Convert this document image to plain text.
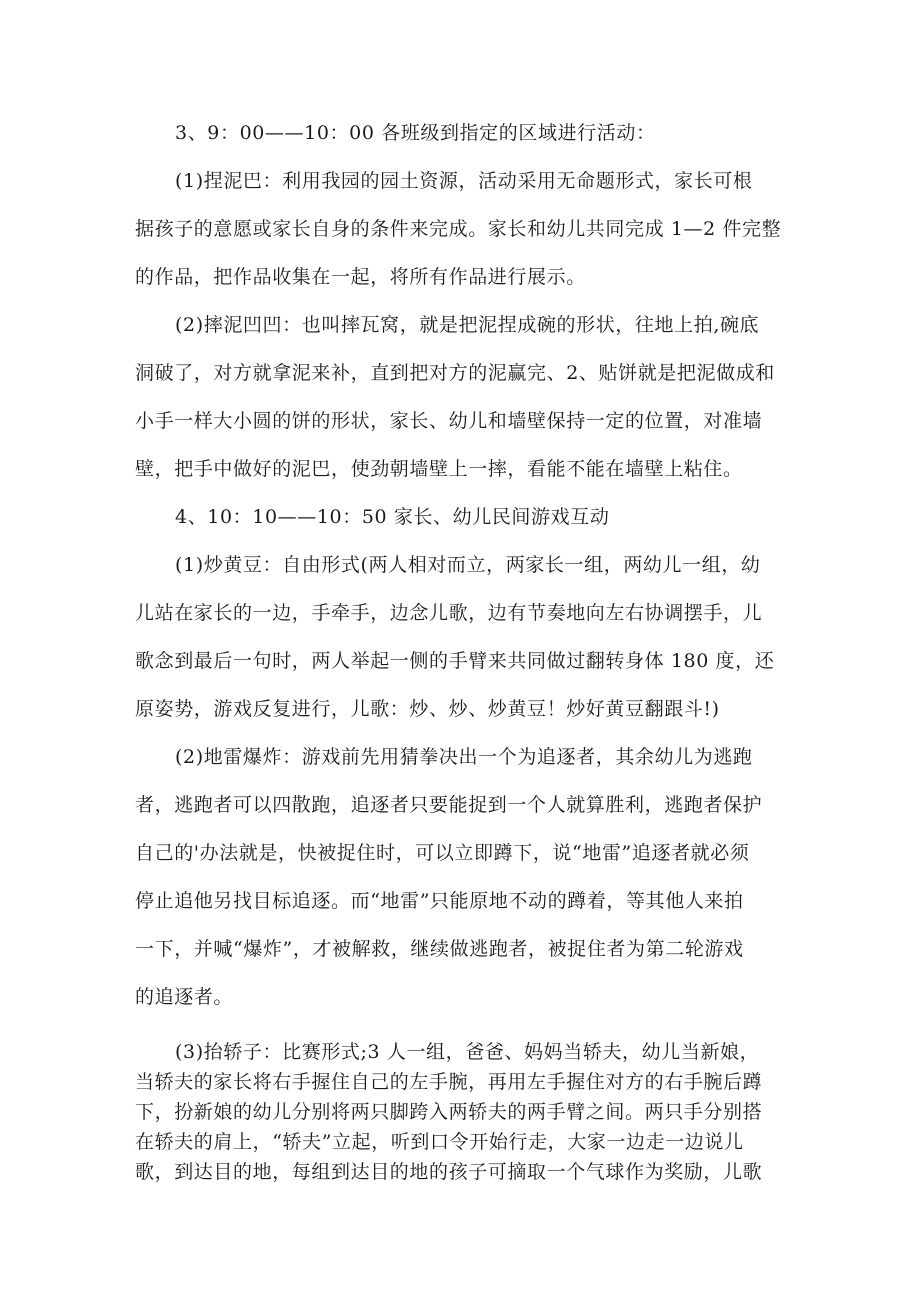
3、9：00——10：00 各班级到指定的区域进行活动：

(1)捏泥巴：利用我园的园土资源，活动采用无命题形式，家长可根
据孩子的意愿或家长自身的条件来完成。家长和幼儿共同完成 1—2 件完整
的作品，把作品收集在一起，将所有作品进行展示。

(2)摔泥凹凹：也叫摔瓦窝，就是把泥捏成碗的形状，往地上拍,碗底
洞破了，对方就拿泥来补，直到把对方的泥赢完、2、贴饼就是把泥做成和
小手一样大小圆的饼的形状，家长、幼儿和墙壁保持一定的位置，对准墙
壁，把手中做好的泥巴，使劲朝墙壁上一摔，看能不能在墙壁上粘住。

4、10：10——10：50 家长、幼儿民间游戏互动

(1)炒黄豆：自由形式(两人相对而立，两家长一组，两幼儿一组，幼
儿站在家长的一边，手牵手，边念儿歌，边有节奏地向左右协调摆手，儿
歌念到最后一句时，两人举起一侧的手臂来共同做过翻转身体 180 度，还
原姿势，游戏反复进行，儿歌：炒、炒、炒黄豆！炒好黄豆翻跟斗!)

(2)地雷爆炸：游戏前先用猜拳决出一个为追逐者，其余幼儿为逃跑
者，逃跑者可以四散跑，追逐者只要能捉到一个人就算胜利，逃跑者保护
自己的'办法就是，快被捉住时，可以立即蹲下，说“地雷”追逐者就必须
停止追他另找目标追逐。而“地雷”只能原地不动的蹲着，等其他人来拍
一下，并喊“爆炸”，才被解救，继续做逃跑者，被捉住者为第二轮游戏
的追逐者。

(3)抬轿子：比赛形式;3 人一组，爸爸、妈妈当轿夫，幼儿当新娘，
当轿夫的家长将右手握住自己的左手腕，再用左手握住对方的右手腕后蹲
下，扮新娘的幼儿分别将两只脚跨入两轿夫的两手臂之间。两只手分别搭
在轿夫的肩上，“轿夫”立起，听到口令开始行走，大家一边走一边说儿
歌，到达目的地，每组到达目的地的孩子可摘取一个气球作为奖励，儿歌
